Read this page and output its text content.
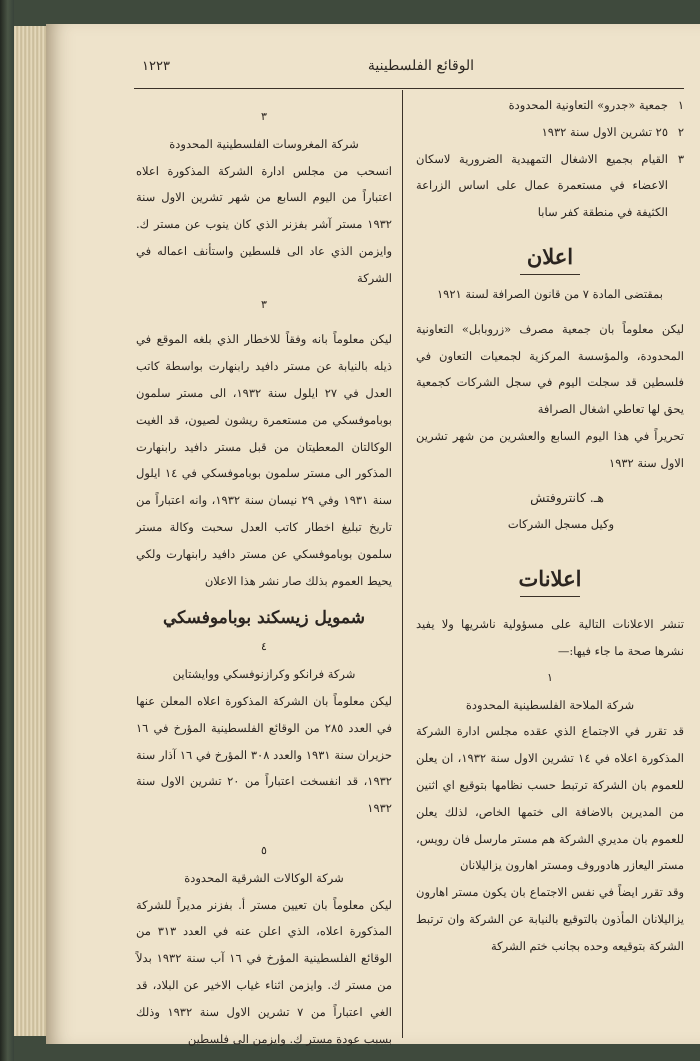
الوقائع الفلسطينية
١٢٢٣
١
جمعية «جدرو» التعاونية المحدودة
٢
٢٥ تشرين الاول سنة ١٩٣٢
٣
القيام بجميع الاشغال التمهيدية الضرورية لاسكان الاعضاء في مستعمرة عمال على اساس الزراعة الكثيفة في منطقة كفر سابا
اعلان
بمقتضى المادة ٧ من قانون الصرافة لسنة ١٩٢١

ليكن معلوماً بان جمعية مصرف «زروبابل» التعاونية المحدودة، والمؤسسة المركزية لجمعيات التعاون في فلسطين قد سجلت اليوم في سجل الشركات كجمعية يحق لها تعاطي اشغال الصرافة

تحريراً في هذا اليوم السابع والعشرين من شهر تشرين الاول سنة ١٩٣٢

هـ. كانتروفتش
وكيل مسجل الشركات
اعلانات

تنشر الاعلانات التالية على مسؤولية ناشريها ولا يفيد نشرها صحة ما جاء فيها:—

١
شركة الملاحة الفلسطينية المحدودة

قد تقرر في الاجتماع الذي عقده مجلس ادارة الشركة المذكورة اعلاه في ١٤ تشرين الاول سنة ١٩٣٢، ان يعلن للعموم بان الشركة ترتبط حسب نظامها بتوقيع اي اثنين من المديرين بالاضافة الى ختمها الخاص، لذلك يعلن للعموم بان مديري الشركة هم مستر مارسل فان رويس، مستر اليعازر هادوروف ومستر اهارون يزاليلانان

وقد تقرر ايضاً في نفس الاجتماع بان يكون مستر اهارون يزاليلانان المأذون بالتوقيع بالنيابة عن الشركة وان ترتبط الشركة بتوقيعه وحده بجانب ختم الشركة

٣
شركة المغروسات الفلسطينية المحدودة

انسحب من مجلس ادارة الشركة المذكورة اعلاه اعتباراً من اليوم السابع من شهر تشرين الاول سنة ١٩٣٢ مستر آشر بفزنر الذي كان ينوب عن مستر ك. وايزمن الذي عاد الى فلسطين واستأنف اعماله في الشركة

٣

ليكن معلوماً بانه وفقاً للاخطار الذي بلغه الموقع في ذيله بالنيابة عن مستر دافيد رابنهارت بواسطة كاتب العدل في ٢٧ ايلول سنة ١٩٣٢، الى مستر سلمون بوباموفسكي من مستعمرة ريشون لصيون، قد الغيت الوكالتان المعطيتان من قبل مستر دافيد رابنهارت المذكور الى مستر سلمون بوباموفسكي في ١٤ ايلول سنة ١٩٣١ وفي ٢٩ نيسان سنة ١٩٣٢، وانه اعتباراً من تاريخ تبليغ اخطار كاتب العدل سحبت وكالة مستر سلمون بوباموفسكي عن مستر دافيد رابنهارت ولكي يحيط العموم بذلك صار نشر هذا الاعلان

شمويل زيسكند بوباموفسكي
٤
شركة فرانكو وكرازنوفسكي ووايشتاين

ليكن معلوماً بان الشركة المذكورة اعلاه المعلن عنها في العدد ٢٨٥ من الوقائع الفلسطينية المؤرخ في ١٦ حزيران سنة ١٩٣١ والعدد ٣٠٨ المؤرخ في ١٦ آذار سنة ١٩٣٢، قد انفسخت اعتباراً من ٢٠ تشرين الاول سنة ١٩٣٢

٥
شركة الوكالات الشرقية المحدودة

ليكن معلوماً بان تعيين مستر أ. بفزنر مديراً للشركة المذكورة اعلاه، الذي اعلن عنه في العدد ٣١٣ من الوقائع الفلسطينية المؤرخ في ١٦ آب سنة ١٩٣٢ بدلاً من مستر ك. وايزمن اثناء غياب الاخير عن البلاد، قد الغي اعتباراً من ٧ تشرين الاول سنة ١٩٣٢ وذلك بسبب عودة مستر ك. وايزمن الى فلسطين
